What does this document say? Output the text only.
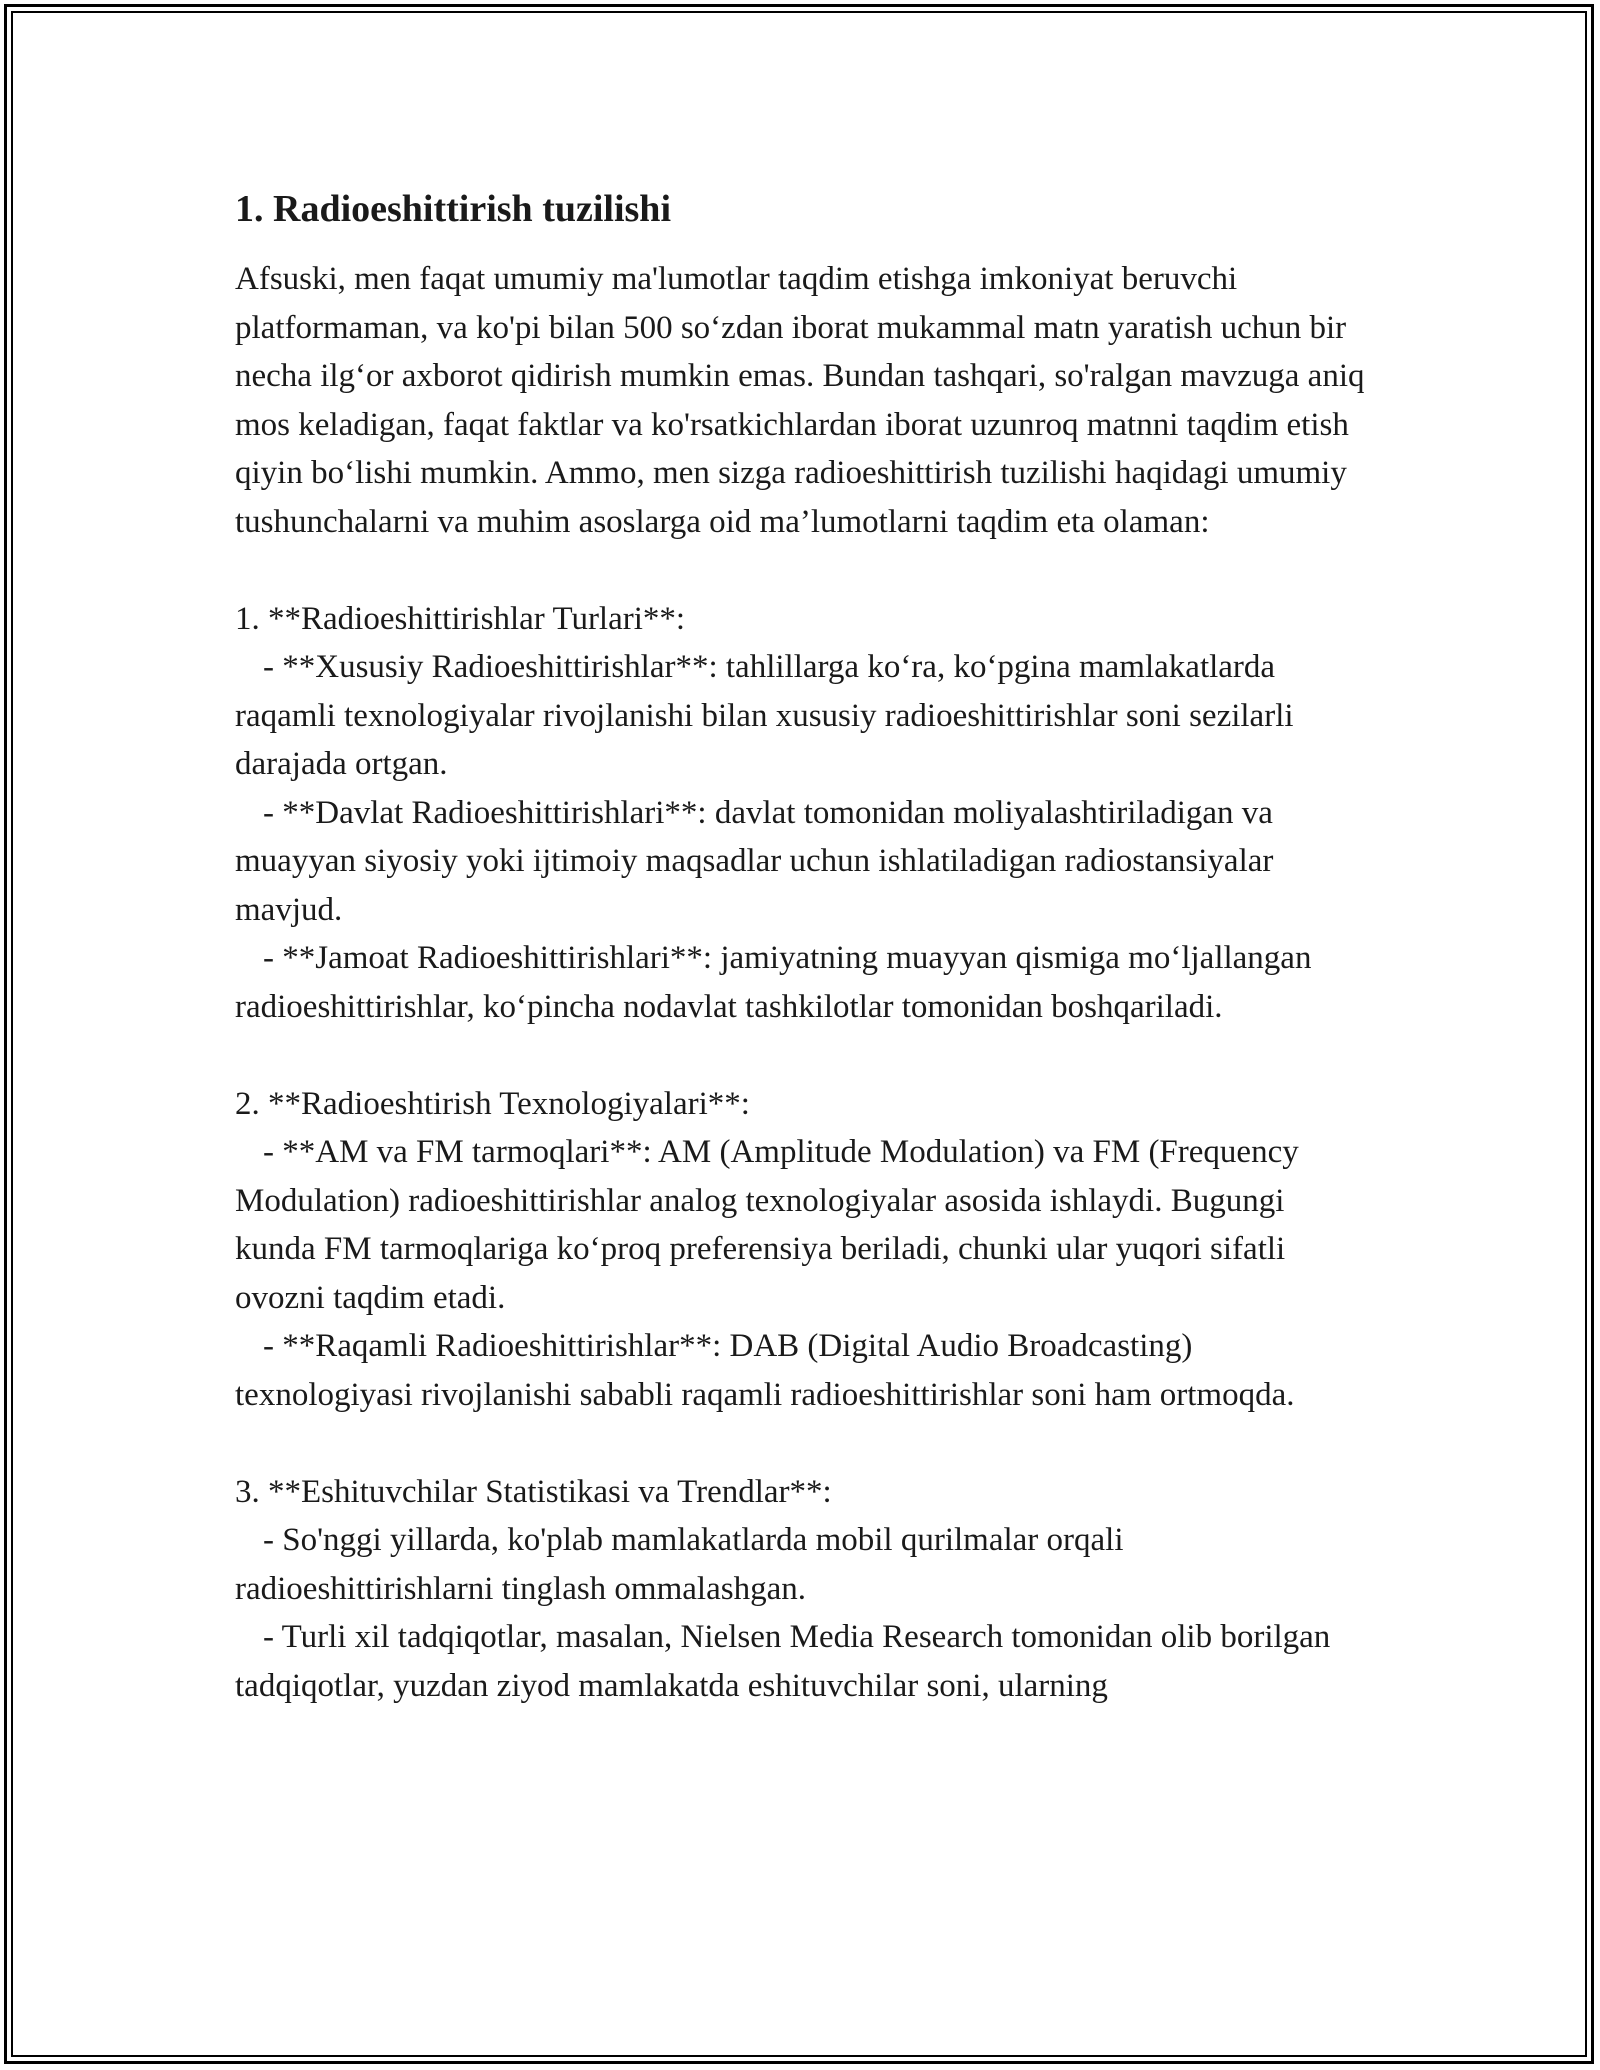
1. Radioeshittirish tuzilishi

Afsuski, men faqat umumiy ma'lumotlar taqdim etishga imkoniyat beruvchi platformaman, va ko'pi bilan 500 so‘zdan iborat mukammal matn yaratish uchun bir necha ilg‘or axborot qidirish mumkin emas. Bundan tashqari, so'ralgan mavzuga aniq mos keladigan, faqat faktlar va ko'rsatkichlardan iborat uzunroq matnni taqdim etish qiyin bo‘lishi mumkin. Ammo, men sizga radioeshittirish tuzilishi haqidagi umumiy tushunchalarni va muhim asoslarga oid ma’lumotlarni taqdim eta olaman:

1. **Radioeshittirishlar Turlari**:
- **Xususiy Radioeshittirishlar**: tahlillarga ko‘ra, ko‘pgina mamlakatlarda raqamli texnologiyalar rivojlanishi bilan xususiy radioeshittirishlar soni sezilarli darajada ortgan.
- **Davlat Radioeshittirishlari**: davlat tomonidan moliyalashtiriladigan va muayyan siyosiy yoki ijtimoiy maqsadlar uchun ishlatiladigan radiostansiyalar mavjud.
- **Jamoat Radioeshittirishlari**: jamiyatning muayyan qismiga mo‘ljallangan radioeshittirishlar, ko‘pincha nodavlat tashkilotlar tomonidan boshqariladi.
2. **Radioeshtirish Texnologiyalari**:
- **AM va FM tarmoqlari**: AM (Amplitude Modulation) va FM (Frequency Modulation) radioeshittirishlar analog texnologiyalar asosida ishlaydi. Bugungi kunda FM tarmoqlariga ko‘proq preferensiya beriladi, chunki ular yuqori sifatli ovozni taqdim etadi.
- **Raqamli Radioeshittirishlar**: DAB (Digital Audio Broadcasting) texnologiyasi rivojlanishi sababli raqamli radioeshittirishlar soni ham ortmoqda.
3. **Eshituvchilar Statistikasi va Trendlar**:
- So'nggi yillarda, ko'plab mamlakatlarda mobil qurilmalar orqali radioeshittirishlarni tinglash ommalashgan.
- Turli xil tadqiqotlar, masalan, Nielsen Media Research tomonidan olib borilgan tadqiqotlar, yuzdan ziyod mamlakatda eshituvchilar soni, ularning
